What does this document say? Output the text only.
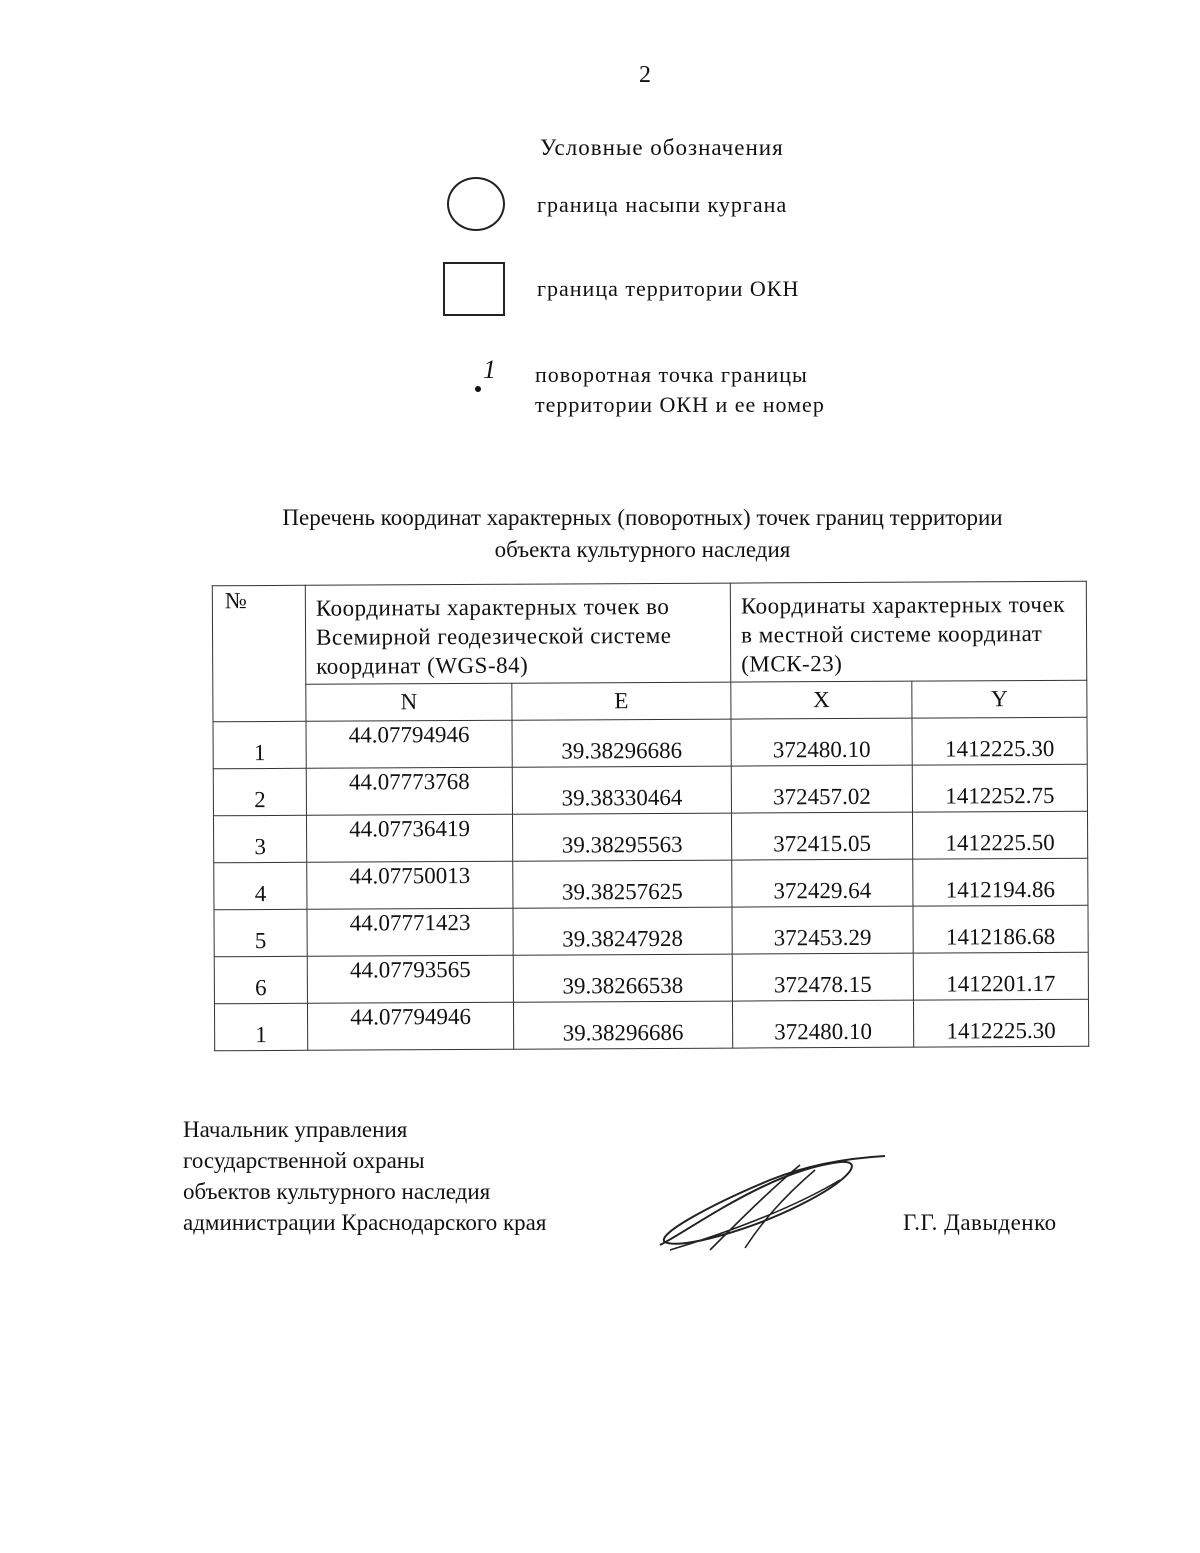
2
Условные обозначения
граница насыпи кургана
граница территории ОКН
1 поворотная точка границы
территории ОКН и ее номер
Перечень координат характерных (поворотных) точек границ территории
объекта культурного наследия
№	Координаты характерных точек во Всемирной геодезической системе координат (WGS-84)		Координаты характерных точек в местной системе координат (МСК-23)	
	N	E	X	Y
1	44.07794946	39.38296686	372480.10	1412225.30
2	44.07773768	39.38330464	372457.02	1412252.75
3	44.07736419	39.38295563	372415.05	1412225.50
4	44.07750013	39.38257625	372429.64	1412194.86
5	44.07771423	39.38247928	372453.29	1412186.68
6	44.07793565	39.38266538	372478.15	1412201.17
1	44.07794946	39.38296686	372480.10	1412225.30
Начальник управления
государственной охраны
объектов культурного наследия
администрации Краснодарского края	Г.Г. Давыденко
